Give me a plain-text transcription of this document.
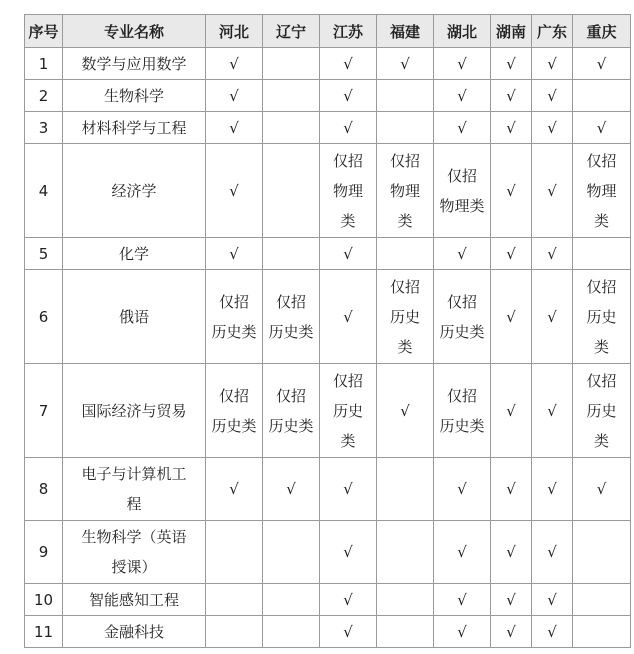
序号	专业名称	河北	辽宁	江苏	福建	湖北	湖南	广东	重庆

1	数学与应用数学	√		√	√	√	√	√	√

2	生物科学	√		√		√	√	√	

3	材料科学与工程	√		√		√	√	√	√

4	经济学	√		仅招
物理
类	仅招
物理
类	仅招
物理类	√	√	仅招
物理
类

5	化学	√		√		√	√	√	

6	俄语	仅招
历史类	仅招
历史类	√	仅招
历史
类	仅招
历史类	√	√	仅招
历史
类

7	国际经济与贸易	仅招
历史类	仅招
历史类	仅招
历史
类	√	仅招
历史类	√	√	仅招
历史
类

8	电子与计算机工
程	√	√	√		√	√	√	√

9	生物科学（英语
授课）			√		√	√	√	

10	智能感知工程			√		√	√	√	

11	金融科技			√		√	√	√	
